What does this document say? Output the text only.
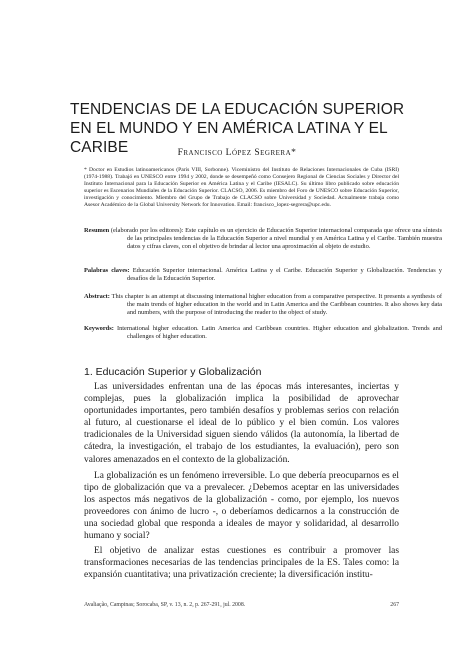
TENDENCIAS DE LA EDUCACIÓN SUPERIOR EN EL MUNDO Y EN AMÉRICA LATINA Y EL CARIBE	Francisco López Segrera*
* Doctor en Estudios latinoamericanos (París VIII, Sorbonne). Viceministro del Instituto de Relaciones Internacionales de Cuba (ISRI) (1974-1988). Trabajó en UNESCO entre 1994 y 2002, donde se desempeñó como Consejero Regional de Ciencias Sociales y Director del Instituto Internacional para la Educación Superior en América Latina y el Caribe (IESALC). Su último libro publicado sobre educación superior es Escenarios Mundiales de la Educación Superior. CLACSO, 2006. Es miembro del Foro de UNESCO sobre Educación Superior, investigación y conocimiento. Miembro del Grupo de Trabajo de CLACSO sobre Universidad y Sociedad. Actualmente trabaja como Asesor Académico de la Global University Network for Innovation. Email: francisco_lopez-segrera@upc.edu.
Resumen (elaborado por los editores): Este capítulo es un ejercicio de Educación Superior internacional comparada que ofrece una síntesis de las principales tendencias de la Educación Superior a nivel mundial y en América Latina y el Caribe. También muestra datos y cifras claves, con el objetivo de brindar al lector una aproximación al objeto de estudio.
Palabras claves: Educación Superior internacional. América Latina y el Caribe. Educación Superior y Globalización. Tendencias y desafíos de la Educación Superior.
Abstract: This chapter is an attempt at discussing international higher education from a comparative perspective. It presents a synthesis of the main trends of higher education in the world and in Latin America and the Caribbean countries. It also shows key data and numbers, with the purpose of introducing the reader to the object of study.
Keywords: International higher education. Latin America and Caribbean countries. Higher education and globalization. Trends and challenges of higher education.
1. Educación Superior y Globalización

Las universidades enfrentan una de las épocas más interesantes, inciertas y complejas, pues la globalización implica la posibilidad de aprovechar oportunidades importantes, pero también desafíos y problemas serios con relación al futuro, al cuestionarse el ideal de lo público y el bien común. Los valores tradicionales de la Universidad siguen siendo válidos (la autonomía, la libertad de cátedra, la investigación, el trabajo de los estudiantes, la evaluación), pero son valores amenazados en el contexto de la globalización.

La globalización es un fenómeno irreversible. Lo que debería preocuparnos es el tipo de globalización que va a prevalecer. ¿Debemos aceptar en las universidades los aspectos más negativos de la globalización - como, por ejemplo, los nuevos proveedores con ánimo de lucro -, o deberíamos dedicarnos a la construcción de una sociedad global que responda a ideales de mayor y solidaridad, al desarrollo humano y social?

El objetivo de analizar estas cuestiones es contribuir a promover las transformaciones necesarias de las tendencias principales de la ES. Tales como: la expansión cuantitativa; una privatización creciente; la diversificación institu-

Avaliação, Campinas; Sorocaba, SP, v. 13, n. 2, p. 267-291, jul. 2008.	267
